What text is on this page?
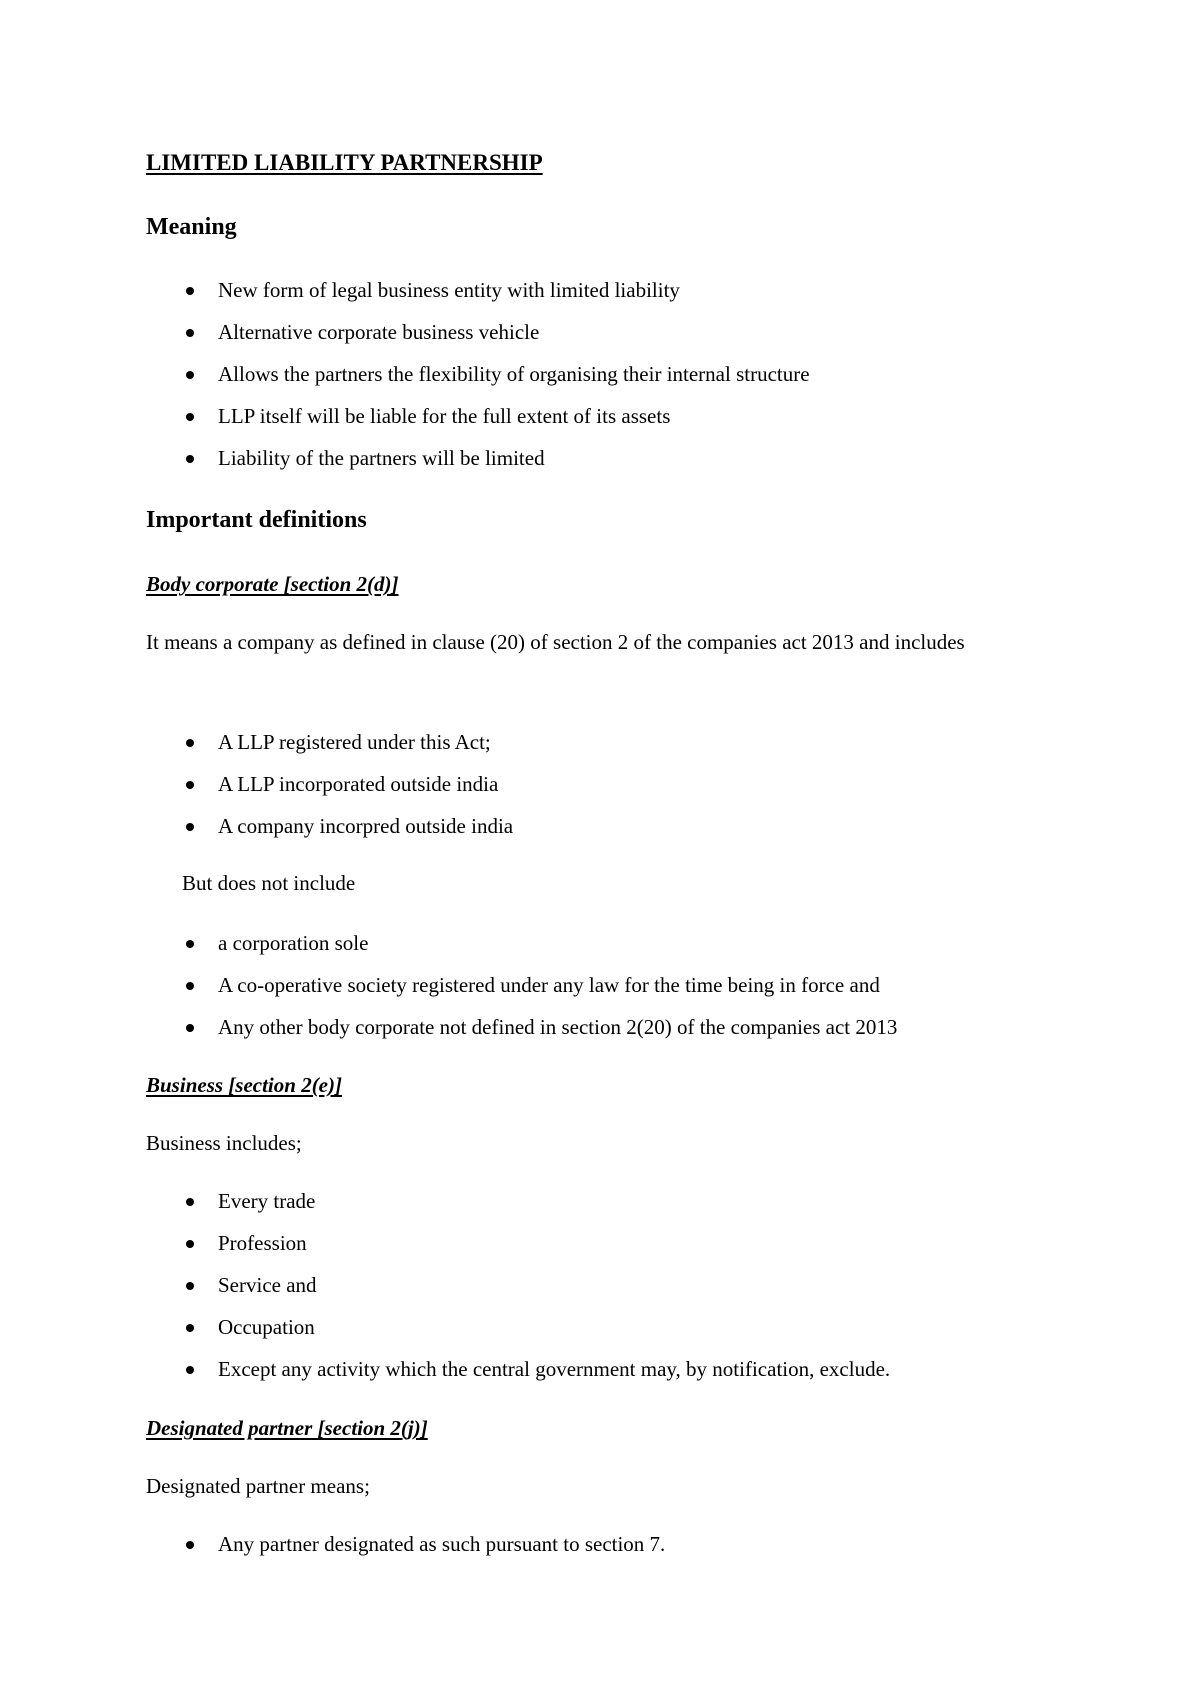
LIMITED LIABILITY PARTNERSHIP
Meaning
New form of legal business entity with limited liability
Alternative corporate business vehicle
Allows the partners the flexibility of organising their internal structure
LLP itself will be liable for the full extent of its assets
Liability of the partners will be limited
Important definitions
Body corporate [section 2(d)]
It means a company as defined in clause (20) of section 2 of the companies act 2013 and includes
A LLP registered under this Act;
A LLP incorporated outside india
A company incorpred outside india
But does not include
a corporation sole
A co-operative society registered under any law for the time being in force and
Any other body corporate not defined in section 2(20) of the companies act 2013
Business [section 2(e)]
Business includes;
Every trade
Profession
Service and
Occupation
Except any activity which the central government may, by notification, exclude.
Designated partner [section 2(j)]
Designated partner means;
Any partner designated as such pursuant to section 7.
